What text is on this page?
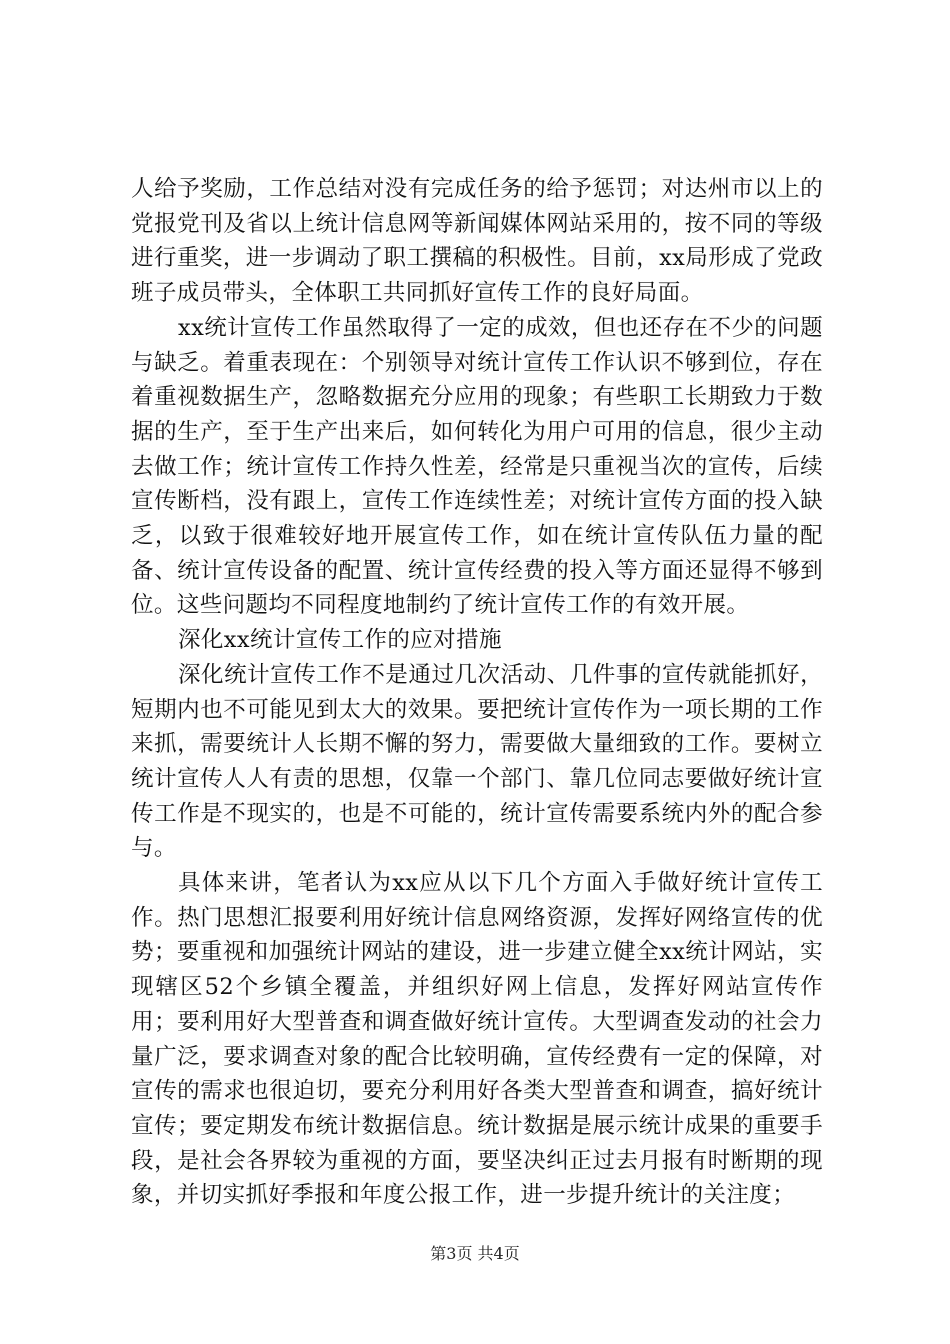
人给予奖励，工作总结对没有完成任务的给予惩罚；对达州市以上的党报党刊及省以上统计信息网等新闻媒体网站采用的，按不同的等级进行重奖，进一步调动了职工撰稿的积极性。目前，xx局形成了党政班子成员带头，全体职工共同抓好宣传工作的良好局面。

xx统计宣传工作虽然取得了一定的成效，但也还存在不少的问题与缺乏。着重表现在：个别领导对统计宣传工作认识不够到位，存在着重视数据生产，忽略数据充分应用的现象；有些职工长期致力于数据的生产，至于生产出来后，如何转化为用户可用的信息，很少主动去做工作；统计宣传工作持久性差，经常是只重视当次的宣传，后续宣传断档，没有跟上，宣传工作连续性差；对统计宣传方面的投入缺乏，以致于很难较好地开展宣传工作，如在统计宣传队伍力量的配备、统计宣传设备的配置、统计宣传经费的投入等方面还显得不够到位。这些问题均不同程度地制约了统计宣传工作的有效开展。

深化xx统计宣传工作的应对措施

深化统计宣传工作不是通过几次活动、几件事的宣传就能抓好，短期内也不可能见到太大的效果。要把统计宣传作为一项长期的工作来抓，需要统计人长期不懈的努力，需要做大量细致的工作。要树立统计宣传人人有责的思想，仅靠一个部门、靠几位同志要做好统计宣传工作是不现实的，也是不可能的，统计宣传需要系统内外的配合参与。

具体来讲，笔者认为xx应从以下几个方面入手做好统计宣传工作。热门思想汇报要利用好统计信息网络资源，发挥好网络宣传的优势；要重视和加强统计网站的建设，进一步建立健全xx统计网站，实现辖区52个乡镇全覆盖，并组织好网上信息，发挥好网站宣传作用；要利用好大型普查和调查做好统计宣传。大型调查发动的社会力量广泛，要求调查对象的配合比较明确，宣传经费有一定的保障，对宣传的需求也很迫切，要充分利用好各类大型普查和调查，搞好统计宣传；要定期发布统计数据信息。统计数据是展示统计成果的重要手段，是社会各界较为重视的方面，要坚决纠正过去月报有时断期的现象，并切实抓好季报和年度公报工作，进一步提升统计的关注度；

第3页 共4页
